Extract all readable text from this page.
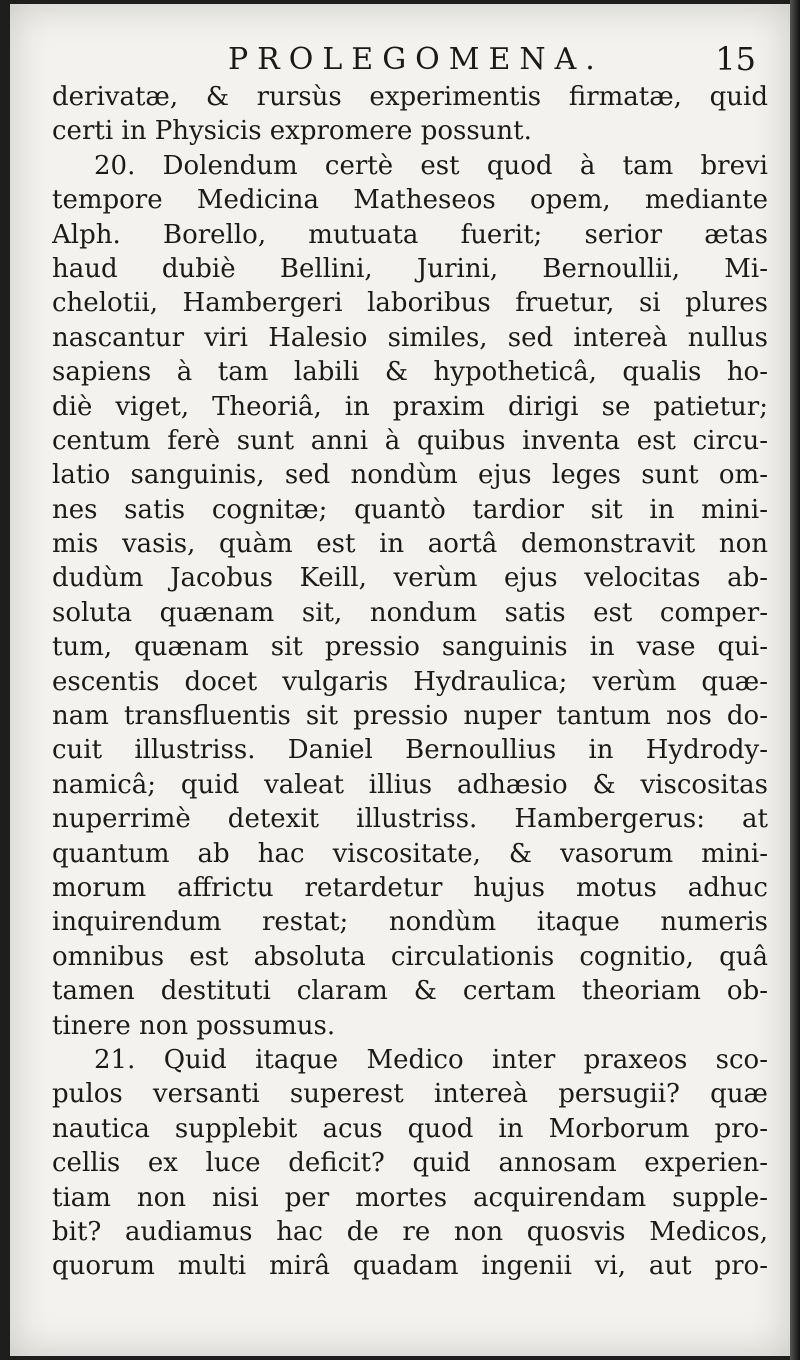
PROLEGOMENA.	15
derivatæ, & rursùs experimentis firmatæ, quid
certi in Physicis expromere possunt.
20. Dolendum certè est quod à tam brevi
tempore Medicina Matheseos opem, mediante
Alph. Borello, mutuata fuerit; serior ætas
haud dubiè Bellini, Jurini, Bernoullii, Mi-
chelotii, Hambergeri laboribus fruetur, si plures
nascantur viri Halesio similes, sed intereà nullus
sapiens à tam labili & hypotheticâ, qualis ho-
diè viget, Theoriâ, in praxim dirigi se patietur;
centum ferè sunt anni à quibus inventa est circu-
latio sanguinis, sed nondùm ejus leges sunt om-
nes satis cognitæ; quantò tardior sit in mini-
mis vasis, quàm est in aortâ demonstravit non
dudùm Jacobus Keill, verùm ejus velocitas ab-
soluta quænam sit, nondum satis est comper-
tum, quænam sit pressio sanguinis in vase qui-
escentis docet vulgaris Hydraulica; verùm quæ-
nam transfluentis sit pressio nuper tantum nos do-
cuit illustriss. Daniel Bernoullius in Hydrody-
namicâ; quid valeat illius adhæsio & viscositas
nuperrimè detexit illustriss. Hambergerus: at
quantum ab hac viscositate, & vasorum mini-
morum affrictu retardetur hujus motus adhuc
inquirendum restat; nondùm itaque numeris
omnibus est absoluta circulationis cognitio, quâ
tamen destituti claram & certam theoriam ob-
tinere non possumus.
21. Quid itaque Medico inter praxeos sco-
pulos versanti superest intereà persugii? quæ
nautica supplebit acus quod in Morborum pro-
cellis ex luce deficit? quid annosam experien-
tiam non nisi per mortes acquirendam supple-
bit? audiamus hac de re non quosvis Medicos,
quorum multi mirâ quadam ingenii vi, aut pro-
